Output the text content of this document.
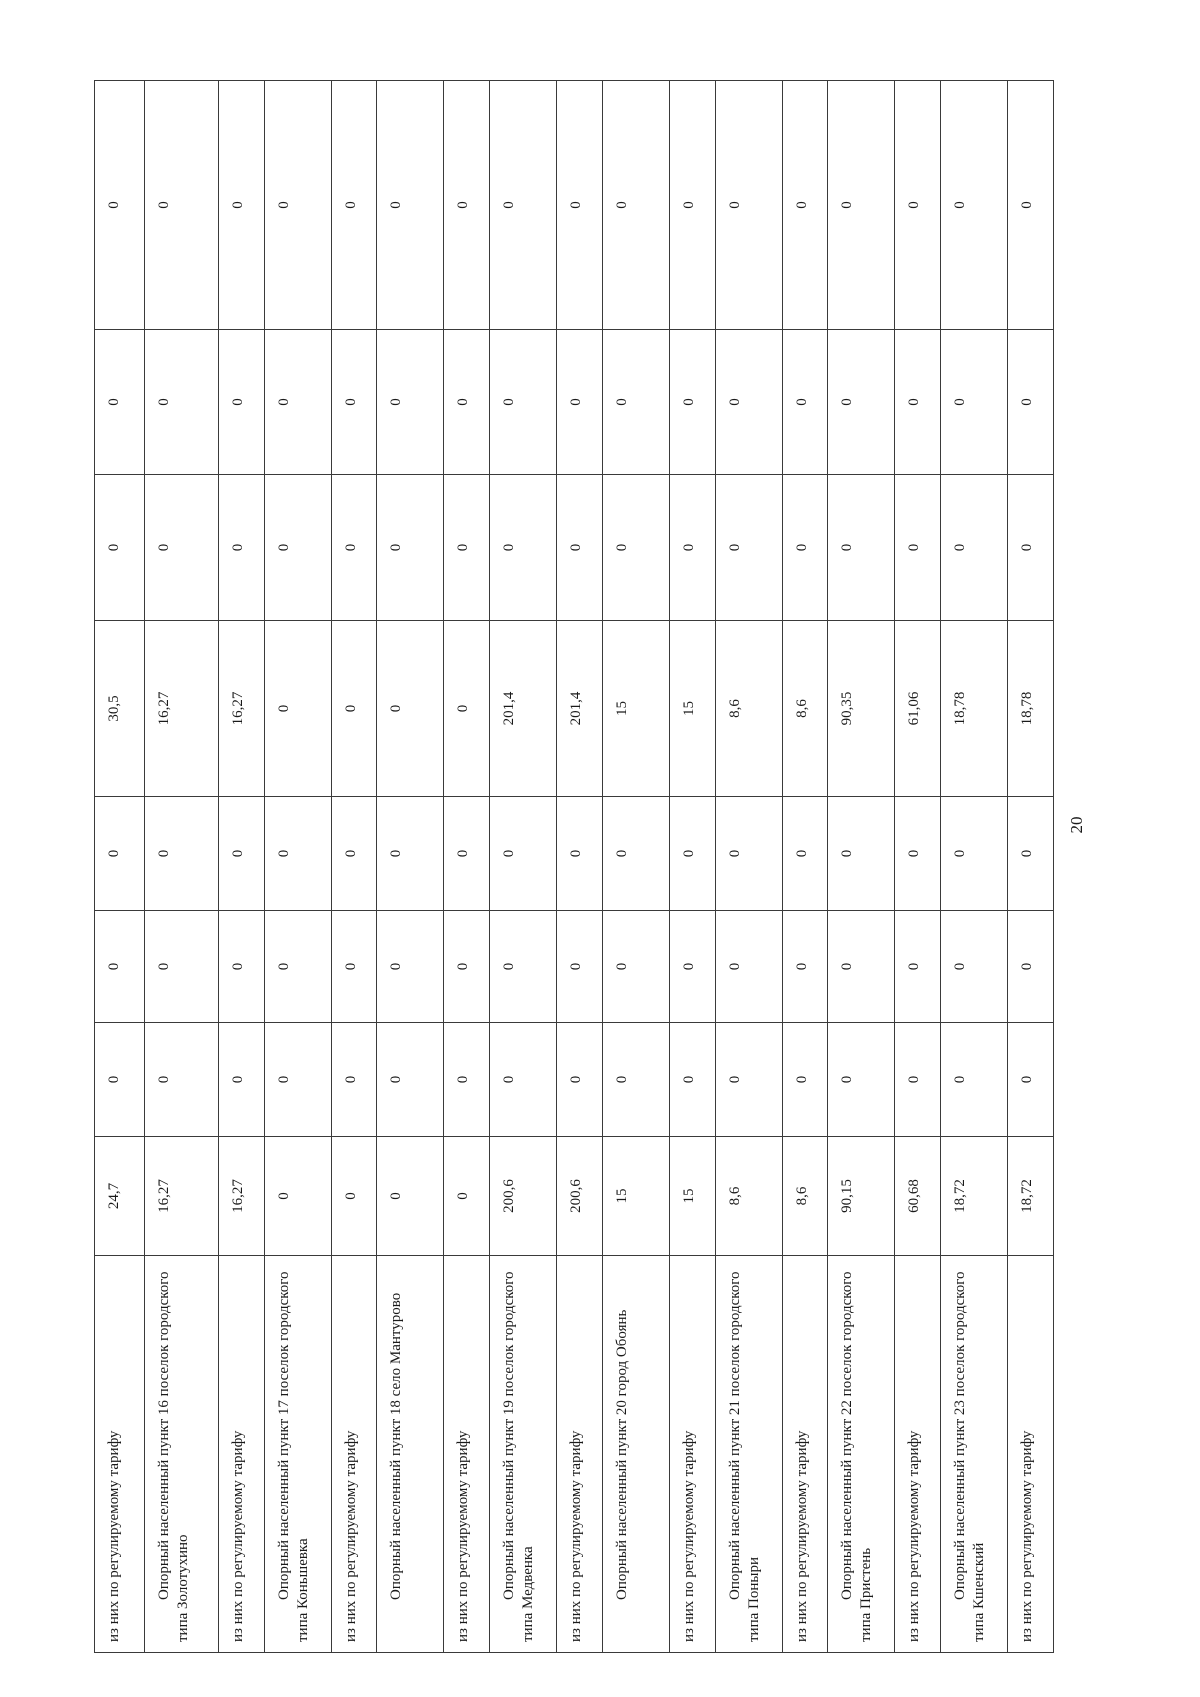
из них по регулируемому тарифу	24,7	0	0	0	30,5	0	0	0
Опорный населенный пункт 16 поселок городского типа Золотухино	16,27	0	0	0	16,27	0	0	0
из них по регулируемому тарифу	16,27	0	0	0	16,27	0	0	0
Опорный населенный пункт 17 поселок городского типа Коньшевка	0	0	0	0	0	0	0	0
из них по регулируемому тарифу	0	0	0	0	0	0	0	0
Опорный населенный пункт 18 село Мантурово	0	0	0	0	0	0	0	0
из них по регулируемому тарифу	0	0	0	0	0	0	0	0
Опорный населенный пункт 19 поселок городского типа Медвенка	200,6	0	0	0	201,4	0	0	0
из них по регулируемому тарифу	200,6	0	0	0	201,4	0	0	0
Опорный населенный пункт 20 город Обоянь	15	0	0	0	15	0	0	0
из них по регулируемому тарифу	15	0	0	0	15	0	0	0
Опорный населенный пункт 21 поселок городского типа Поныри	8,6	0	0	0	8,6	0	0	0
из них по регулируемому тарифу	8,6	0	0	0	8,6	0	0	0
Опорный населенный пункт 22 поселок городского типа Пристень	90,15	0	0	0	90,35	0	0	0
из них по регулируемому тарифу	60,68	0	0	0	61,06	0	0	0
Опорный населенный пункт 23 поселок городского типа Кшенский	18,72	0	0	0	18,78	0	0	0
из них по регулируемому тарифу	18,72	0	0	0	18,78	0	0	0
20
